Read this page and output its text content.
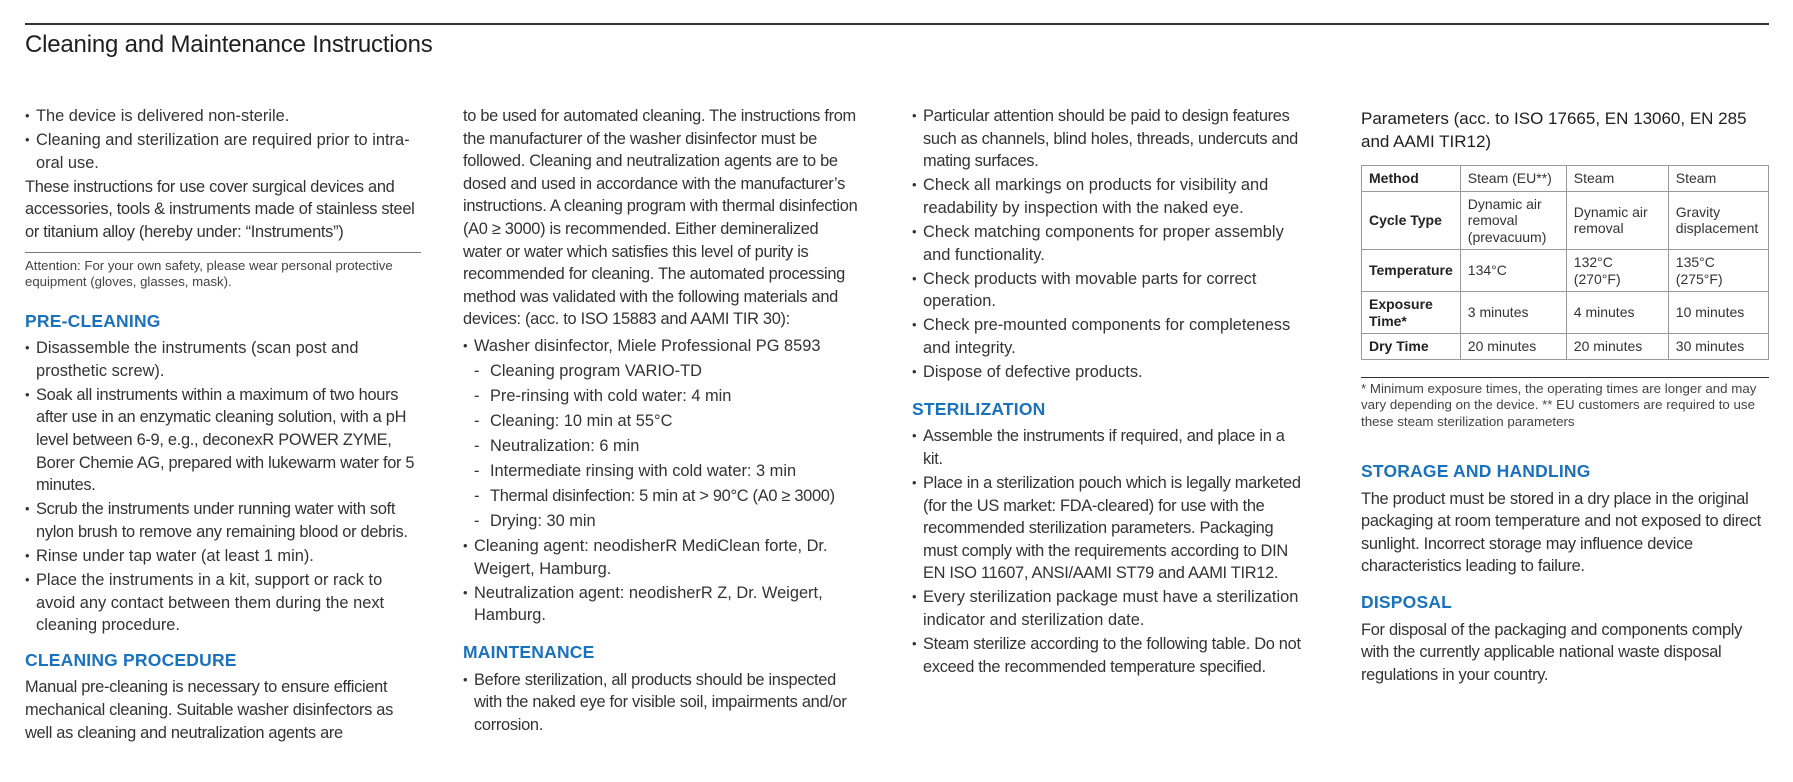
Cleaning and Maintenance Instructions
• The device is delivered non-sterile.
• Cleaning and sterilization are required prior to intra-oral use.

These instructions for use cover surgical devices and accessories, tools & instruments made of stainless steel or titanium alloy (hereby under: “Instruments”)

Attention: For your own safety, please wear personal protective equipment (gloves, glasses, mask).

PRE-CLEANING
• Disassemble the instruments (scan post and prosthetic screw).
• Soak all instruments within a maximum of two hours after use in an enzymatic cleaning solution, with a pH level between 6-9, e.g., deconexR POWER ZYME, Borer Chemie AG, prepared with lukewarm water for 5 minutes.
• Scrub the instruments under running water with soft nylon brush to remove any remaining blood or debris.
• Rinse under tap water (at least 1 min).
• Place the instruments in a kit, support or rack to avoid any contact between them during the next cleaning procedure.
CLEANING PROCEDURE

Manual pre-cleaning is necessary to ensure efficient mechanical cleaning. Suitable washer disinfectors as well as cleaning and neutralization agents are

to be used for automated cleaning. The instructions from the manufacturer of the washer disinfector must be followed. Cleaning and neutralization agents are to be dosed and used in accordance with the manufacturer’s instructions. A cleaning program with thermal disinfection (A0 ≥ 3000) is recommended. Either demineralized water or water which satisfies this level of purity is recommended for cleaning. The automated processing method was validated with the following materials and devices: (acc. to ISO 15883 and AAMI TIR 30):

• Washer disinfector, Miele Professional PG 8593
- Cleaning program VARIO-TD
- Pre-rinsing with cold water: 4 min
- Cleaning: 10 min at 55°C
- Neutralization: 6 min
- Intermediate rinsing with cold water: 3 min
- Thermal disinfection: 5 min at > 90°C (A0 ≥ 3000)
- Drying: 30 min
• Cleaning agent: neodisherR MediClean forte, Dr. Weigert, Hamburg.
• Neutralization agent: neodisherR Z, Dr. Weigert, Hamburg.
MAINTENANCE
• Before sterilization, all products should be inspected with the naked eye for visible soil, impairments and/or corrosion.
• Particular attention should be paid to design features such as channels, blind holes, threads, undercuts and mating surfaces.
• Check all markings on products for visibility and readability by inspection with the naked eye.
• Check matching components for proper assembly and functionality.
• Check products with movable parts for correct operation.
• Check pre-mounted components for completeness and integrity.
• Dispose of defective products.
STERILIZATION
• Assemble the instruments if required, and place in a kit.
• Place in a sterilization pouch which is legally marketed (for the US market: FDA-cleared) for use with the recommended sterilization parameters. Packaging must comply with the requirements according to DIN EN ISO 11607, ANSI/AAMI ST79 and AAMI TIR12.
• Every sterilization package must have a sterilization indicator and sterilization date.
• Steam sterilize according to the following table. Do not exceed the recommended temperature specified.
Parameters (acc. to ISO 17665, EN 13060, EN 285 and AAMI TIR12)
Method	Steam (EU**)	Steam	Steam
Cycle Type	Dynamic air removal (prevacuum)	Dynamic air removal	Gravity displacement
Temperature	134°C	132°C (270°F)	135°C (275°F)
Exposure Time*	3 minutes	4 minutes	10 minutes
Dry Time	20 minutes	20 minutes	30 minutes

* Minimum exposure times, the operating times are longer and may vary depending on the device. ** EU customers are required to use these steam sterilization parameters

STORAGE AND HANDLING

The product must be stored in a dry place in the original packaging at room temperature and not exposed to direct sunlight. Incorrect storage may influence device characteristics leading to failure.

DISPOSAL

For disposal of the packaging and components comply with the currently applicable national waste disposal regulations in your country.
